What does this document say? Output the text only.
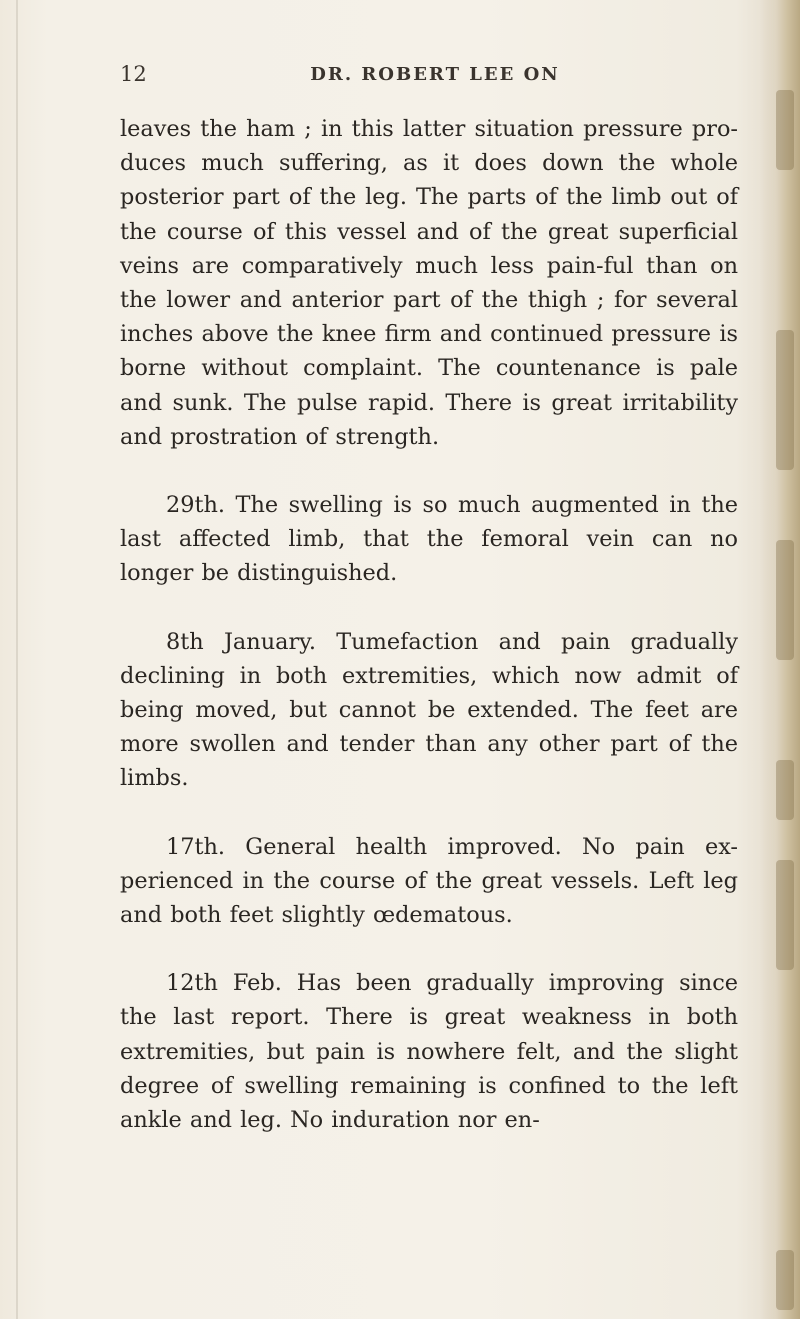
12	DR. ROBERT LEE ON

leaves the ham ; in this latter situation pressure pro-duces much suffering, as it does down the whole posterior part of the leg. The parts of the limb out of the course of this vessel and of the great superficial veins are comparatively much less pain-ful than on the lower and anterior part of the thigh ; for several inches above the knee firm and continued pressure is borne without complaint. The countenance is pale and sunk. The pulse rapid. There is great irritability and prostration of strength.

29th. The swelling is so much augmented in the last affected limb, that the femoral vein can no longer be distinguished.

8th January. Tumefaction and pain gradually declining in both extremities, which now admit of being moved, but cannot be extended. The feet are more swollen and tender than any other part of the limbs.

17th. General health improved. No pain ex-perienced in the course of the great vessels. Left leg and both feet slightly œdematous.

12th Feb. Has been gradually improving since the last report. There is great weakness in both extremities, but pain is nowhere felt, and the slight degree of swelling remaining is confined to the left ankle and leg. No induration nor en-
